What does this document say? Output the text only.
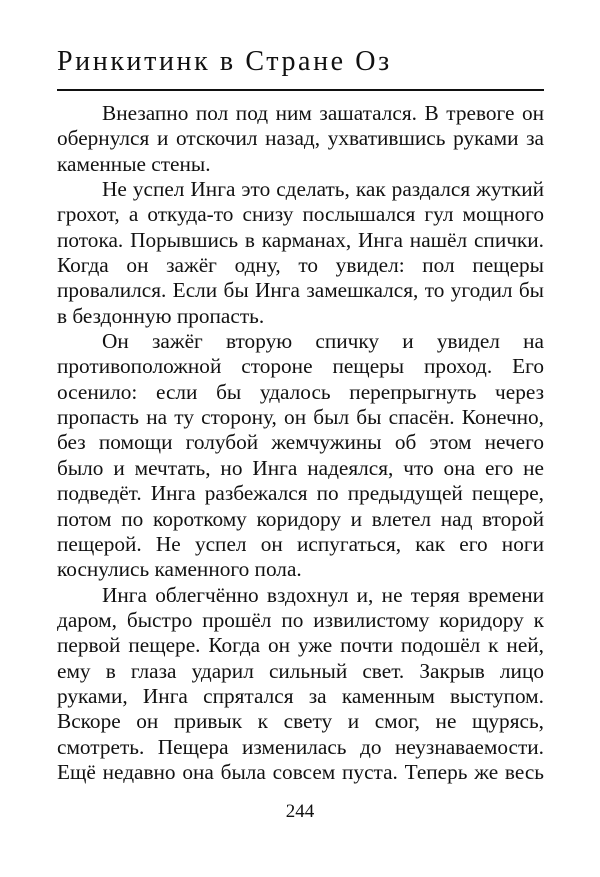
Ринкитинк в Стране Оз
Внезапно пол под ним зашатался. В тревоге он
обернулся и отскочил назад, ухватившись руками за
каменные стены.
Не успел Инга это сделать, как раздался жуткий
грохот, а откуда-то снизу послышался гул мощного
потока. Порывшись в карманах, Инга нашёл спички.
Когда он зажёг одну, то увидел: пол пещеры
провалился. Если бы Инга замешкался, то угодил бы
в бездонную пропасть.
Он зажёг вторую спичку и увидел на
противоположной стороне пещеры проход. Его
осенило: если бы удалось перепрыгнуть через
пропасть на ту сторону, он был бы спасён. Конечно,
без помощи голубой жемчужины об этом нечего
было и мечтать, но Инга надеялся, что она его не
подведёт. Инга разбежался по предыдущей пещере,
потом по короткому коридору и влетел над второй
пещерой. Не успел он испугаться, как его ноги
коснулись каменного пола.
Инга облегчённо вздохнул и, не теряя времени
даром, быстро прошёл по извилистому коридору к
первой пещере. Когда он уже почти подошёл к ней,
ему в глаза ударил сильный свет. Закрыв лицо
руками, Инга спрятался за каменным выступом.
Вскоре он привык к свету и смог, не щурясь,
смотреть. Пещера изменилась до неузнаваемости.
Ещё недавно она была совсем пуста. Теперь же весь
244
